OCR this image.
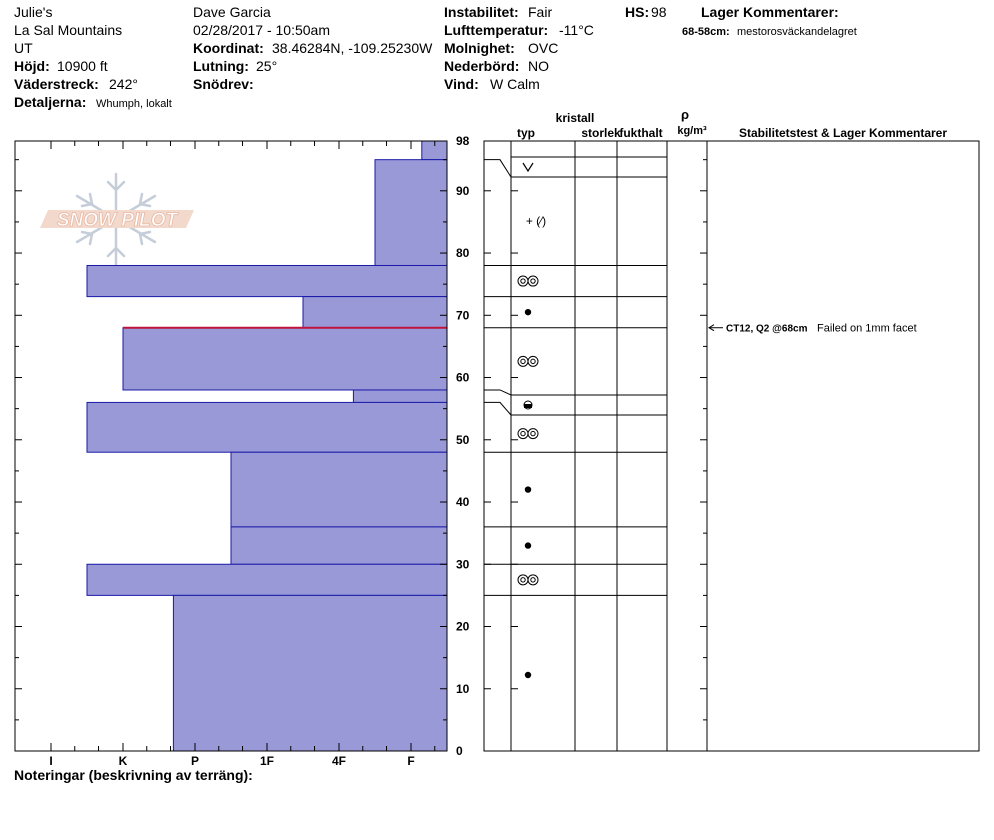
Julie's
La Sal Mountains
UT
Höjd: 10900 ft
Väderstreck: 242°
Detaljerna: Whumph, lokalt
Dave Garcia
02/28/2017 - 10:50am
Koordinat: 38.46284N, -109.25230W
Lutning: 25°
Snödrev:
Instabilitet: Fair
Lufttemperatur: -11°C
Molnighet: OVC
Nederbörd: NO
Vind: W Calm
HS: 98 Lager Kommentarer:
68-58cm: mestorosväckandelagret
SNOW PILOT
I	K	P	1F	4F	F
0
10
20
30
40
50
60
70
80
90
98
+ (⁄)
CT12, Q2 @68cm Failed on 1mm facet
kristall
typ	storlek
fukthalt
ρ
kg/m³	Stabilitetstest & Lager Kommentarer
Noteringar (beskrivning av terräng):
